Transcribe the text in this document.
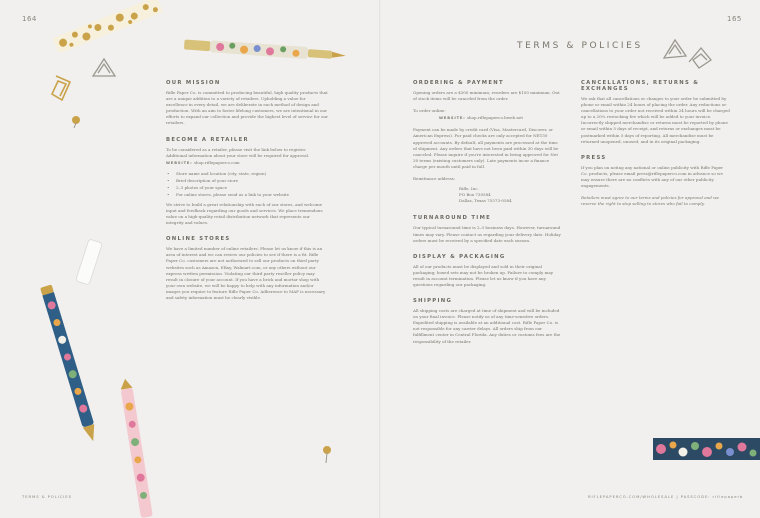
164	165
TERMS & POLICIES
OUR MISSION
Rifle Paper Co. is committed to producing beautiful, high quality products that are a unique addition to a variety of retailers. Upholding a value for excellence in every detail, we are deliberate in each method of design and production. With an aim to foster lifelong customers, we are intentional in our efforts to expand our collection and provide the highest level of service for our retailers.
BECOME A RETAILER
To be considered as a retailer, please visit the link below to register. Additional information about your store will be required for approval.
WEBSITE: shop.riflepaperco.com
• Store name and location (city, state, region)
• Brief description of your store
• 2–3 photos of your space
• For online stores, please send us a link to your website
We strive to build a great relationship with each of our stores, and welcome input and feedback regarding our goods and services. We place tremendous value on a high-quality retail distribution network that represents our integrity and values.
ONLINE STORES
We have a limited number of online retailers. Please let us know if this is an area of interest and we can review our policies to see if there is a fit. Rifle Paper Co. customers are not authorized to sell our products on third party websites such as Amazon, EBay, Walmart.com, or any others without our express written permission. Violating our third party reseller policy may result in closure of your account. If you have a brick and mortar shop with your own website, we will be happy to help with any information and/or images you require to feature Rifle Paper Co. Adherence to MAP is necessary and safety information must be clearly visible.
ORDERING & PAYMENT
Opening orders are a $300 minimum; reorders are $150 minimum. Out of stock items will be canceled from the order.
To order online:
WEBSITE: shop.riflepaperco.bweb.net
Payment can be made by credit card (Visa, Mastercard, Discover, or American Express). For paid checks are only accepted for NET30 approved accounts. By default, all payments are processed at the time of shipment. Any orders that have not been paid within 30 days will be canceled. Please inquire if you're interested in being approved for Net 30 terms (existing customers only). Late payments incur a finance charge per month until paid in full.
Remittance address:
Rifle, Inc.
PO Box 730584
Dallas, Texas 75373-0584
TURNAROUND TIME
Our typical turnaround time is 2–3 business days. However, turnaround times may vary. Please contact us regarding your delivery date. Holiday orders must be received by a specified date each season.
DISPLAY & PACKAGING
All of our products must be displayed and sold in their original packaging; boxed sets may not be broken up. Failure to comply may result in account termination. Please let us know if you have any questions regarding our packaging.
SHIPPING
All shipping costs are charged at time of shipment and will be included on your final invoice. Please notify us of any time-sensitive orders. Expedited shipping is available at an additional cost. Rifle Paper Co. is not responsible for any carrier delays. All orders ship from our fulfillment center in Central Florida. Any duties or customs fees are the responsibility of the retailer.
CANCELLATIONS, RETURNS & EXCHANGES
We ask that all cancellations or changes to your order be submitted by phone or email within 24 hours of placing the order. Any reductions or cancellations to your order not received within 24 hours will be charged up to a 20% restocking fee which will be added to your invoice. Incorrectly shipped merchandise or returns must be reported by phone or email within 5 days of receipt, and returns or exchanges must be postmarked within 5 days of reporting. All merchandise must be returned unopened, unused, and in its original packaging.
PRESS
If you plan on noting any national or online publicity with Rifle Paper Co. products, please email press@riflepaperco.com in advance so we may ensure there are no conflicts with any of our other publicity engagements.
Retailers must agree to our terms and policies for approval and we reserve the right to stop selling to stores who fail to comply.
TERMS & POLICIES	RIFLEPAPERCO.COM/WHOLESALE | PASSCODE: riflepaperb
